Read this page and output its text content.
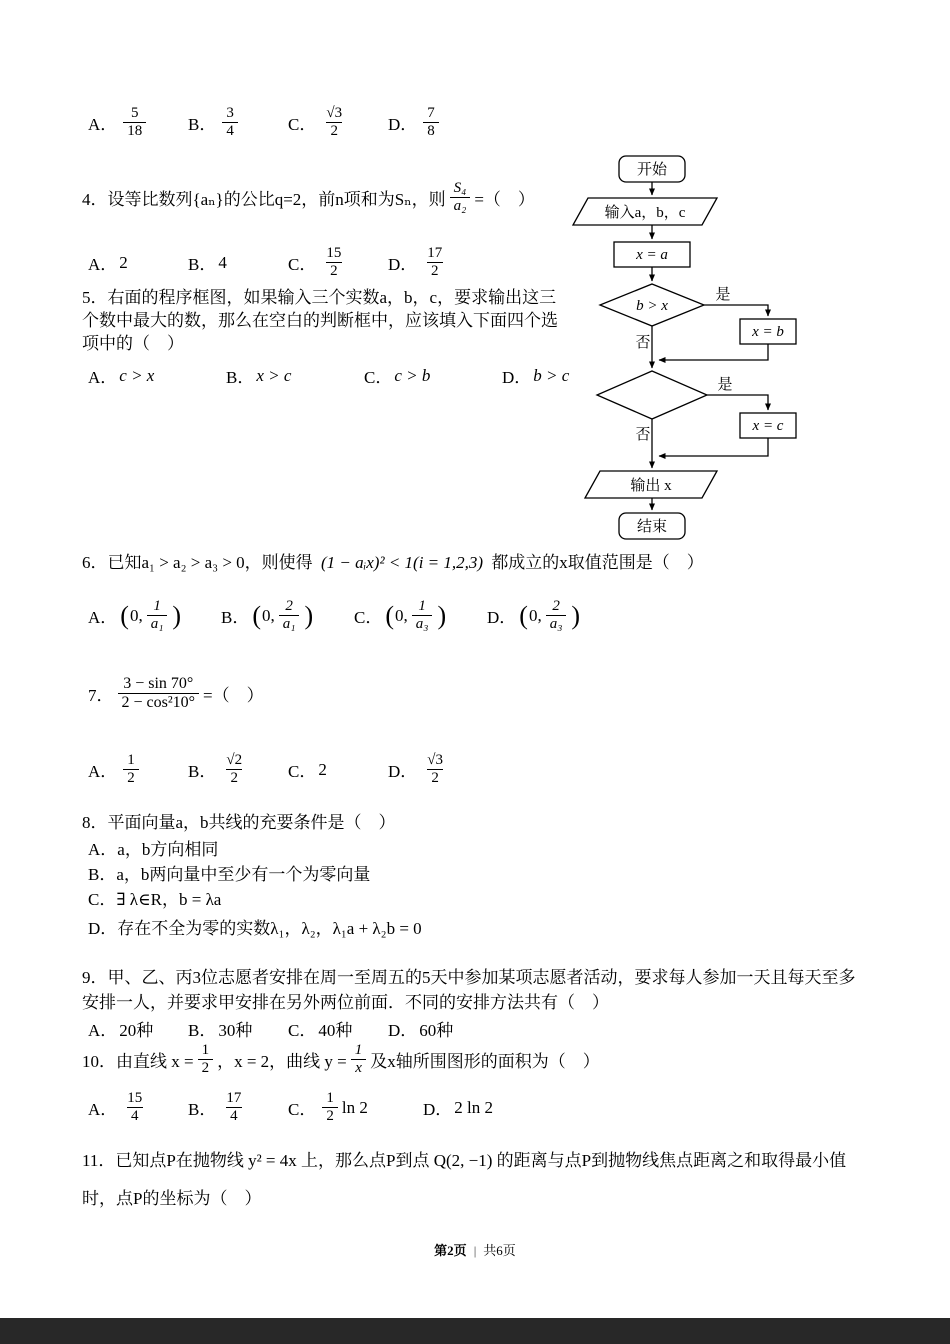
A． $\frac{5}{18}$ B． $\frac{3}{4}$	C． $\frac{√3}{2}$ D． $\frac{7}{8}$
4．设等比数列{aₙ}的公比q=2，前n项和为Sₙ，则 $\frac{\text{S₄}}{\text{a₂}}$ =（　）
A． 2	B． 4	C． $\frac{15}{2}$	D． $\frac{17}{2}$
5．右面的程序框图，如果输入三个实数a，b，c，要求输出这三
个数中最大的数，那么在空白的判断框中，应该填入下面四个选
项中的（　）
A． c > x	B． x > c	C． c > b	D． b > c
开始
输入a，b，c
x = a
b > x
是
x = b
否
是
x = c
否
输出 x
结束
6．已知a₁ > a₂ > a₃ > 0，则使得 (1 − aᵢx)² < 1(i = 1,2,3) 都成立的x取值范围是（　）
A． ( 0, $\frac{1}{\text{a₁}}$ ) B． ( 0, $\frac{2}{\text{a₁}}$ ) C． ( 0, $\frac{1}{\text{a₃}}$ ) D． ( 0, $\frac{2}{\text{a₃}}$ )
7． $\frac{3 - \sin 70^\circ}{\text{2 − cos²10°}}$ =（　）
A． $\frac{1}{2}$	B． $\frac{√2}{2}$ C． 2	D． $\frac{√3}{2}$
8．平面向量a，b共线的充要条件是（　）
A．a，b方向相同
B．a，b两向量中至少有一个为零向量
C．∃ λ∈R，b = λa
D．存在不全为零的实数λ₁，λ₂，λ₁a + λ₂b = 0
9．甲、乙、丙3位志愿者安排在周一至周五的5天中参加某项志愿者活动，要求每人参加一天且每天至多
安排一人，并要求甲安排在另外两位前面．不同的安排方法共有（　）
A． 20种 B． 30种 C． 40种 D． 60种
10．由直线 $x = \frac{1}{2}$ ，x = 2，曲线 $y = \frac{1}{x}$ 及x轴所围图形的面积为（　）
A． $\frac{15}{4}$ B． $\frac{17}{4}$	C． $\frac{1}{2}$ ln 2	D． 2 ln 2
11．已知点P在抛物线 y² = 4x 上，那么点P到点 Q(2, −1) 的距离与点P到抛物线焦点距离之和取得最小值
时，点P的坐标为（　）
第2页 | 共6页
